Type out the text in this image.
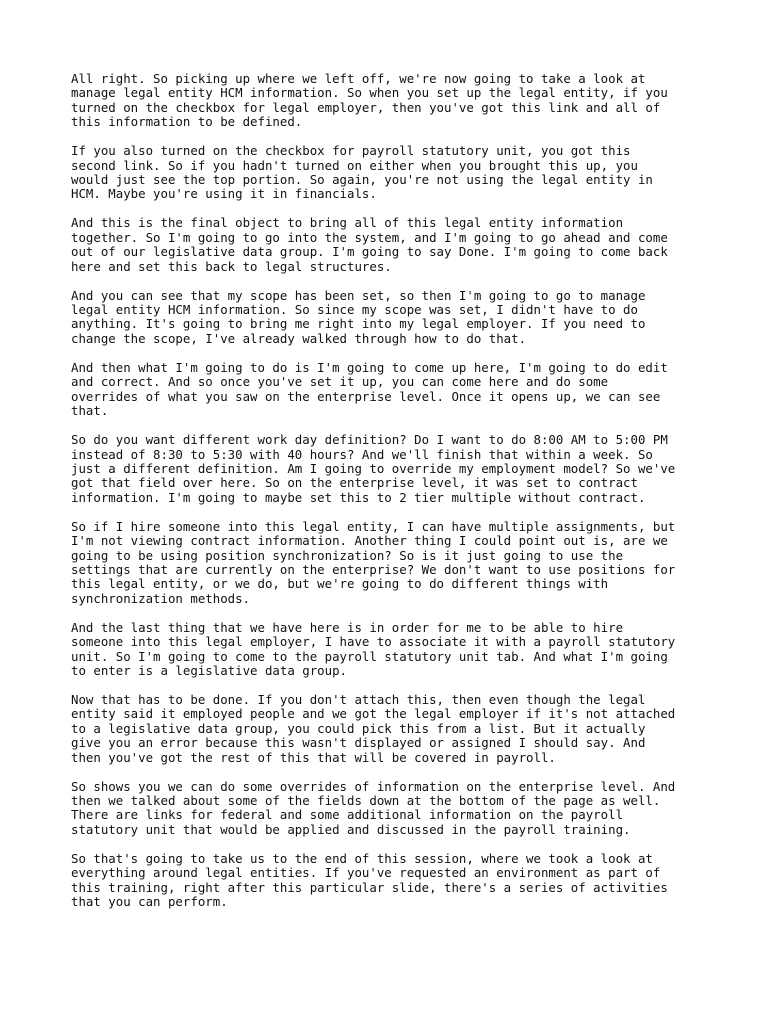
All right. So picking up where we left off, we're now going to take a look at
manage legal entity HCM information. So when you set up the legal entity, if you
turned on the checkbox for legal employer, then you've got this link and all of
this information to be defined.

If you also turned on the checkbox for payroll statutory unit, you got this
second link. So if you hadn't turned on either when you brought this up, you
would just see the top portion. So again, you're not using the legal entity in
HCM. Maybe you're using it in financials.

And this is the final object to bring all of this legal entity information
together. So I'm going to go into the system, and I'm going to go ahead and come
out of our legislative data group. I'm going to say Done. I'm going to come back
here and set this back to legal structures.

And you can see that my scope has been set, so then I'm going to go to manage
legal entity HCM information. So since my scope was set, I didn't have to do
anything. It's going to bring me right into my legal employer. If you need to
change the scope, I've already walked through how to do that.

And then what I'm going to do is I'm going to come up here, I'm going to do edit
and correct. And so once you've set it up, you can come here and do some
overrides of what you saw on the enterprise level. Once it opens up, we can see
that.

So do you want different work day definition? Do I want to do 8:00 AM to 5:00 PM
instead of 8:30 to 5:30 with 40 hours? And we'll finish that within a week. So
just a different definition. Am I going to override my employment model? So we've
got that field over here. So on the enterprise level, it was set to contract
information. I'm going to maybe set this to 2 tier multiple without contract.

So if I hire someone into this legal entity, I can have multiple assignments, but
I'm not viewing contract information. Another thing I could point out is, are we
going to be using position synchronization? So is it just going to use the
settings that are currently on the enterprise? We don't want to use positions for
this legal entity, or we do, but we're going to do different things with
synchronization methods.

And the last thing that we have here is in order for me to be able to hire
someone into this legal employer, I have to associate it with a payroll statutory
unit. So I'm going to come to the payroll statutory unit tab. And what I'm going
to enter is a legislative data group.

Now that has to be done. If you don't attach this, then even though the legal
entity said it employed people and we got the legal employer if it's not attached
to a legislative data group, you could pick this from a list. But it actually
give you an error because this wasn't displayed or assigned I should say. And
then you've got the rest of this that will be covered in payroll.

So shows you we can do some overrides of information on the enterprise level. And
then we talked about some of the fields down at the bottom of the page as well.
There are links for federal and some additional information on the payroll
statutory unit that would be applied and discussed in the payroll training.

So that's going to take us to the end of this session, where we took a look at
everything around legal entities. If you've requested an environment as part of
this training, right after this particular slide, there's a series of activities
that you can perform.
